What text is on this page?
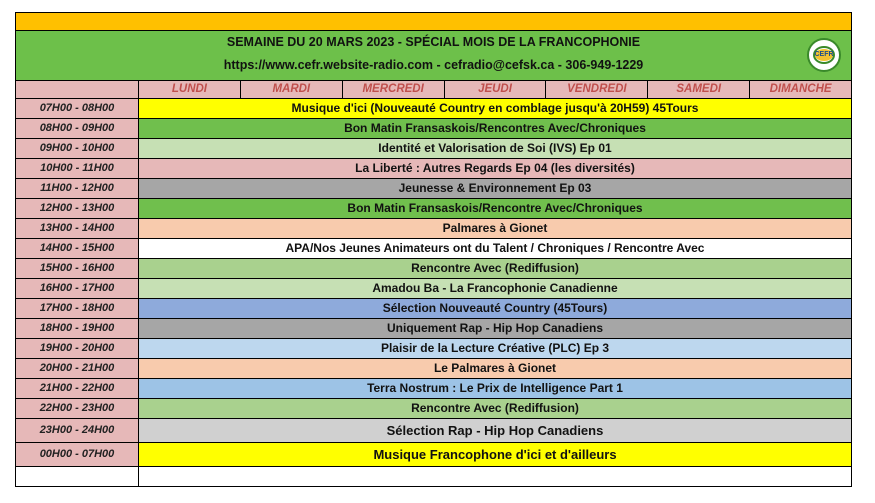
SEMAINE DU 20 MARS 2023 - SPÉCIAL MOIS DE LA FRANCOPHONIE
https://www.cefr.website-radio.com - cefradio@cefsk.ca - 306-949-1229
CEFR
LUNDI	MARDI	MERCREDI	JEUDI	VENDREDI	SAMEDI	DIMANCHE
07H00 - 08H00	Musique d'ici (Nouveauté Country en comblage jusqu'à 20H59) 45Tours
08H00 - 09H00	Bon Matin Fransaskois/Rencontres Avec/Chroniques
09H00 - 10H00	Identité et Valorisation de Soi (IVS) Ep 01
10H00 - 11H00	La Liberté : Autres Regards Ep 04 (les diversités)
11H00 - 12H00	Jeunesse & Environnement Ep 03
12H00 - 13H00	Bon Matin Fransaskois/Rencontre Avec/Chroniques
13H00 - 14H00	Palmares à Gionet
14H00 - 15H00	APA/Nos Jeunes Animateurs ont du Talent / Chroniques / Rencontre Avec
15H00 - 16H00	Rencontre Avec (Rediffusion)
16H00 - 17H00	Amadou Ba - La Francophonie Canadienne
17H00 - 18H00	Sélection Nouveauté Country (45Tours)
18H00 - 19H00	Uniquement Rap - Hip Hop Canadiens
19H00 - 20H00	Plaisir de la Lecture Créative (PLC) Ep 3
20H00 - 21H00	Le Palmares à Gionet
21H00 - 22H00	Terra Nostrum : Le Prix de Intelligence Part 1
22H00 - 23H00	Rencontre Avec (Rediffusion)
23H00 - 24H00	Sélection Rap - Hip Hop Canadiens
00H00 - 07H00	Musique Francophone d'ici et d'ailleurs
